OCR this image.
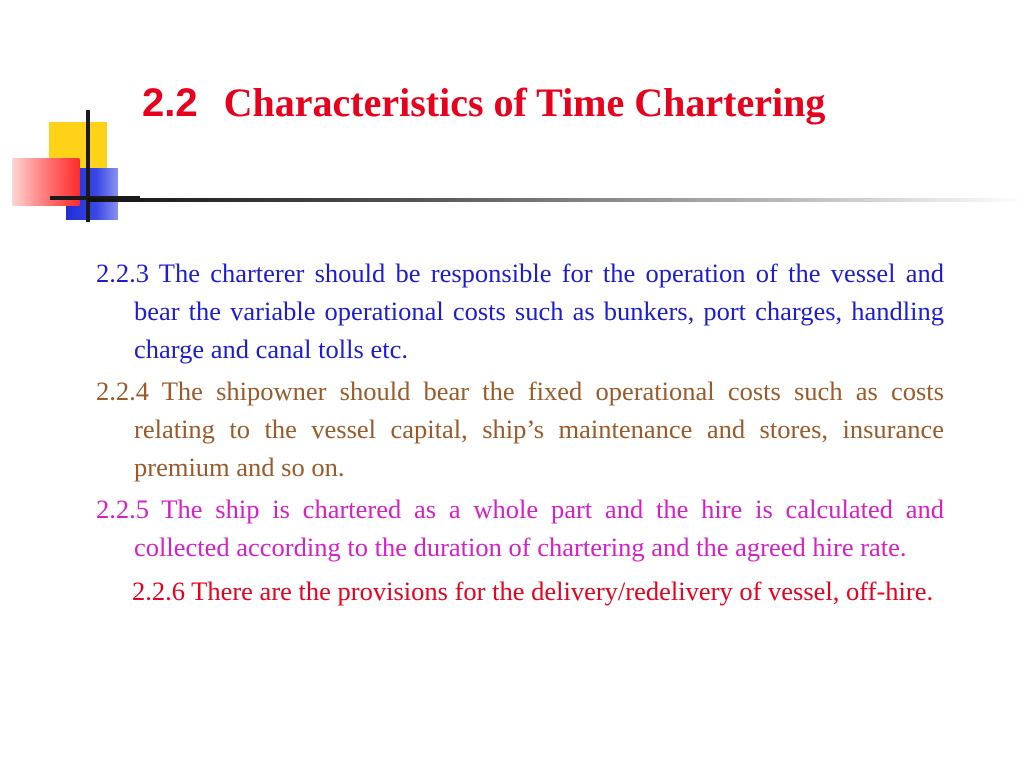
2.2 Characteristics of Time Chartering

2.2.3 The charterer should be responsible for the operation of the vessel and bear the variable operational costs such as bunkers, port charges, handling charge and canal tolls etc.

2.2.4 The shipowner should bear the fixed operational costs such as costs relating to the vessel capital, ship’s maintenance and stores, insurance premium and so on.

2.2.5 The ship is chartered as a whole part and the hire is calculated and collected according to the duration of chartering and the agreed hire rate.

2.2.6 There are the provisions for the delivery/redelivery of vessel, off-hire.
